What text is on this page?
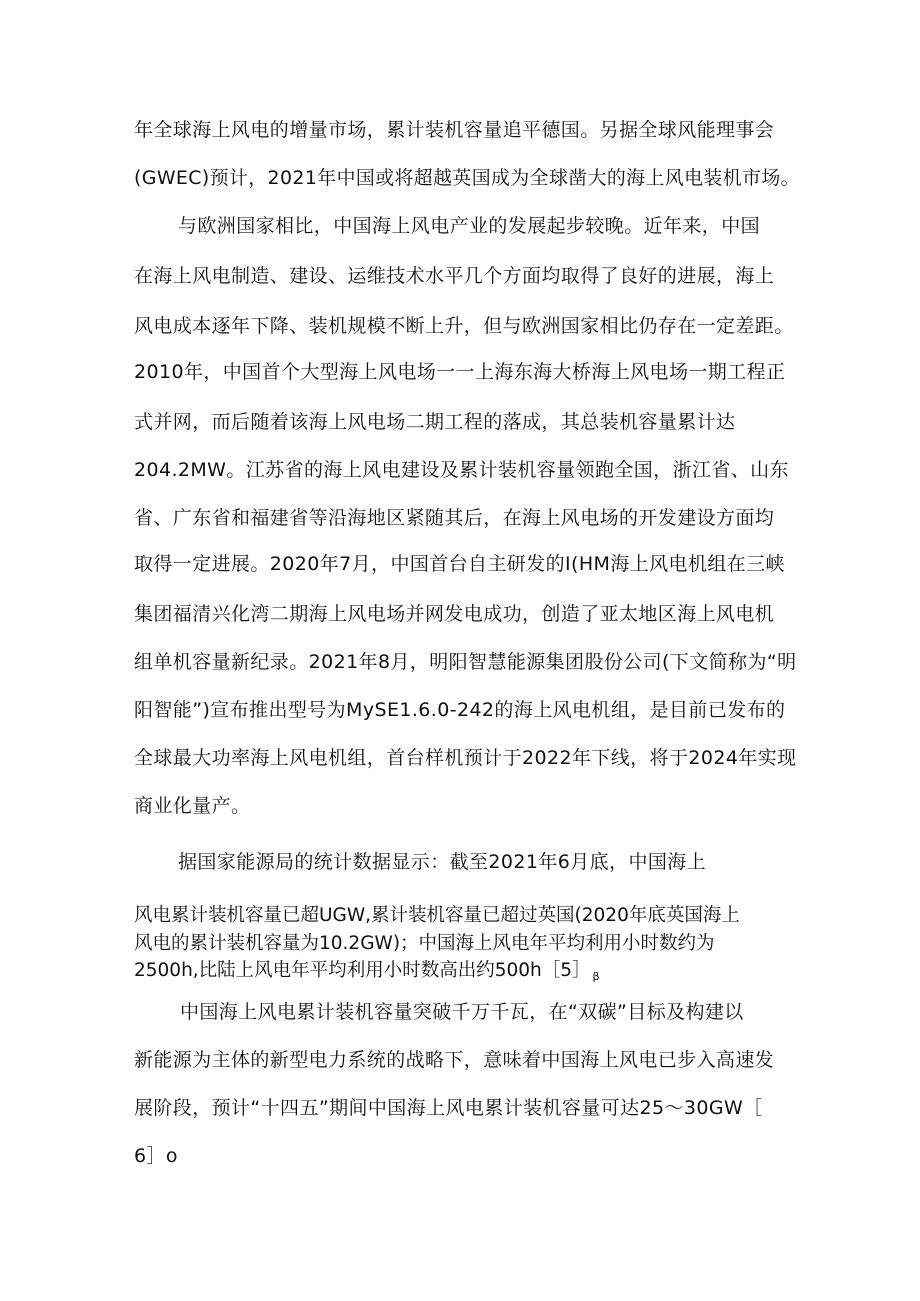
年全球海上风电的增量市场，累计装机容量追平德国。另据全球风能理事会

(GWEC)预计，2021年中国或将超越英国成为全球凿大的海上风电装机市场。

与欧洲国家相比，中国海上风电产业的发展起步较晚。近年来，中国

在海上风电制造、建设、运维技术水平几个方面均取得了良好的进展，海上

风电成本逐年下降、装机规模不断上升，但与欧洲国家相比仍存在一定差距。

2010年，中国首个大型海上风电场一一上海东海大桥海上风电场一期工程正

式并网，而后随着该海上风电场二期工程的落成，其总装机容量累计达

204.2MW。江苏省的海上风电建设及累计装机容量领跑全国，浙江省、山东

省、广东省和福建省等沿海地区紧随其后，在海上风电场的开发建设方面均

取得一定进展。2020年7月，中国首台自主研发的I(HM海上风电机组在三峡

集团福清兴化湾二期海上风电场并网发电成功，创造了亚太地区海上风电机

组单机容量新纪录。2021年8月，明阳智慧能源集团股份公司(下文简称为“明

阳智能”)宣布推出型号为MySE1.6.0-242的海上风电机组，是目前已发布的

全球最大功率海上风电机组，首台样机预计于2022年下线，将于2024年实现

商业化量产。

据国家能源局的统计数据显示：截至2021年6月底，中国海上

风电累计装机容量已超UGW,累计装机容量已超过英国(2020年底英国海上

风电的累计装机容量为10.2GW)；中国海上风电年平均利用小时数约为

2500h,比陆上风电年平均利用小时数高出约500h［5］ $_\beta$

中国海上风电累计装机容量突破千万千瓦，在“双碳”目标及构建以

新能源为主体的新型电力系统的战略下，意味着中国海上风电已步入高速发

展阶段，预计“十四五”期间中国海上风电累计装机容量可达25～30GW［

6］o
